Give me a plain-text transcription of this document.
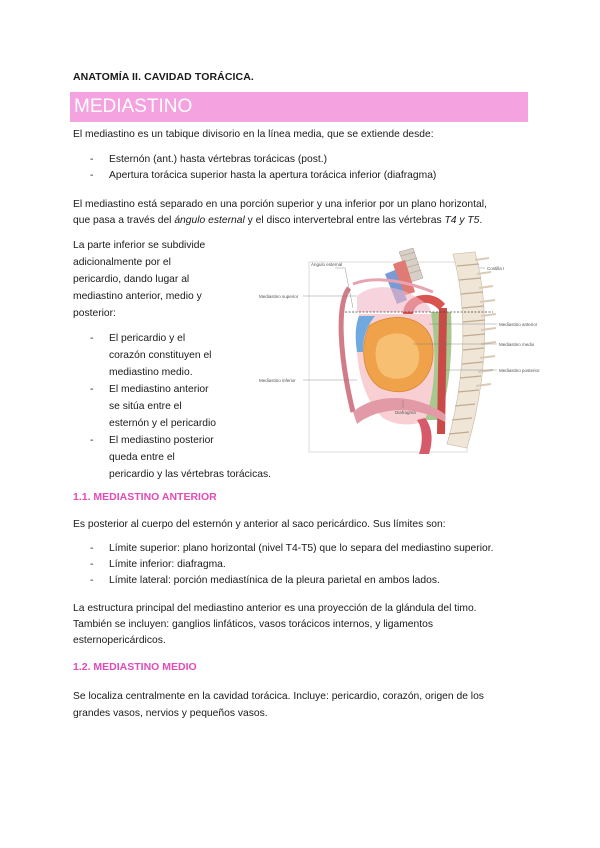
ANATOMÍA II. CAVIDAD TORÁCICA.
MEDIASTINO

El mediastino es un tabique divisorio en la línea media, que se extiende desde:

- Esternón (ant.) hasta vértebras torácicas (post.)
- Apertura torácica superior hasta la apertura torácica inferior (diafragma)

El mediastino está separado en una porción superior y una inferior por un plano horizontal,
que pasa a través del ángulo esternal y el disco intervertebral entre las vértebras T4 y T5.

La parte inferior se subdivide
adicionalmente por el
pericardio, dando lugar al
mediastino anterior, medio y
posterior:

- El pericardio y el
corazón constituyen el
mediastino medio.
- El mediastino anterior
se sitúa entre el
esternón y el pericardio
- El mediastino posterior
queda entre el
pericardio y las vértebras torácicas.
Ángulo esternal
Costilla I
Mediastino superior
Mediastino anterior
Mediastino medio
Mediastino posterior
Mediastino inferior
Diafragma
1.1. MEDIASTINO ANTERIOR

Es posterior al cuerpo del esternón y anterior al saco pericárdico. Sus límites son:

- Límite superior: plano horizontal (nivel T4-T5) que lo separa del mediastino superior.
- Límite inferior: diafragma.
- Límite lateral: porción mediastínica de la pleura parietal en ambos lados.

La estructura principal del mediastino anterior es una proyección de la glándula del timo.
También se incluyen: ganglios linfáticos, vasos torácicos internos, y ligamentos
esternopericárdicos.

1.2. MEDIASTINO MEDIO

Se localiza centralmente en la cavidad torácica. Incluye: pericardio, corazón, origen de los
grandes vasos, nervios y pequeños vasos.
